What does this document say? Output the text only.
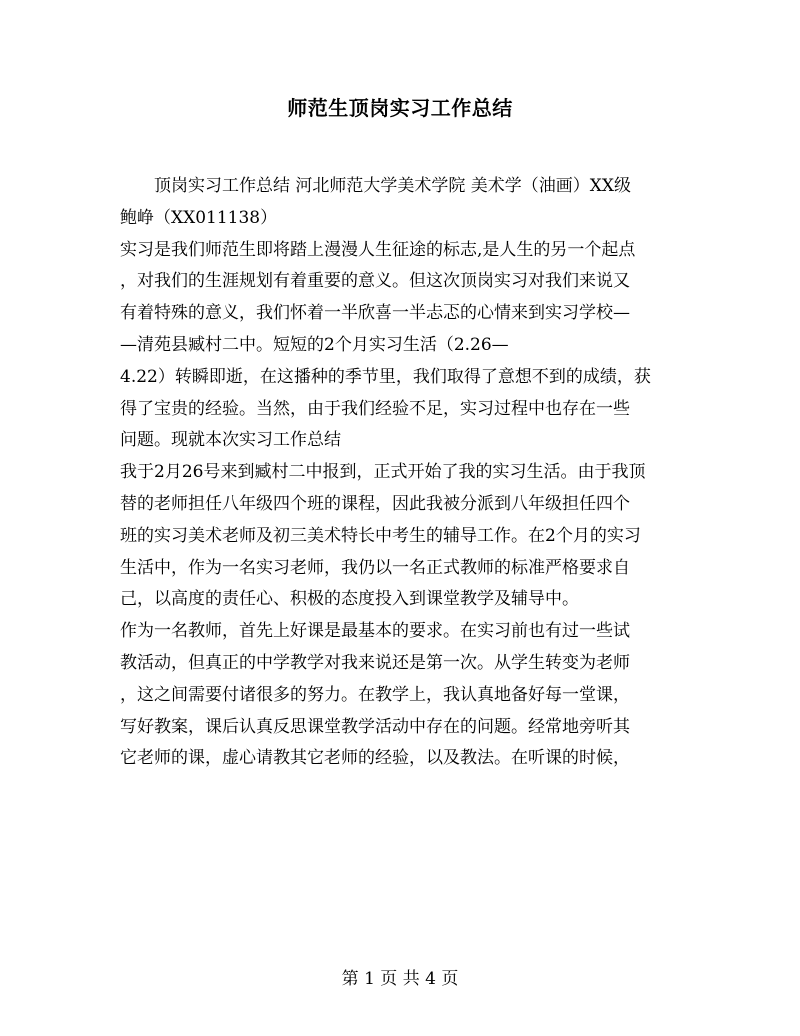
师范生顶岗实习工作总结
顶岗实习工作总结 河北师范大学美术学院 美术学（油画）XX级
鲍峥（XX011138）
实习是我们师范生即将踏上漫漫人生征途的标志,是人生的另一个起点
，对我们的生涯规划有着重要的意义。但这次顶岗实习对我们来说又
有着特殊的意义，我们怀着一半欣喜一半忐忑的心情来到实习学校—
—清苑县臧村二中。短短的2个月实习生活（2.26—
4.22）转瞬即逝，在这播种的季节里，我们取得了意想不到的成绩，获
得了宝贵的经验。当然，由于我们经验不足，实习过程中也存在一些
问题。现就本次实习工作总结
我于2月26号来到臧村二中报到，正式开始了我的实习生活。由于我顶
替的老师担任八年级四个班的课程，因此我被分派到八年级担任四个
班的实习美术老师及初三美术特长中考生的辅导工作。在2个月的实习
生活中，作为一名实习老师，我仍以一名正式教师的标准严格要求自
己，以高度的责任心、积极的态度投入到课堂教学及辅导中。
作为一名教师，首先上好课是最基本的要求。在实习前也有过一些试
教活动，但真正的中学教学对我来说还是第一次。从学生转变为老师
，这之间需要付诸很多的努力。在教学上，我认真地备好每一堂课，
写好教案，课后认真反思课堂教学活动中存在的问题。经常地旁听其
它老师的课，虚心请教其它老师的经验，以及教法。在听课的时候，
第 1 页 共 4 页
